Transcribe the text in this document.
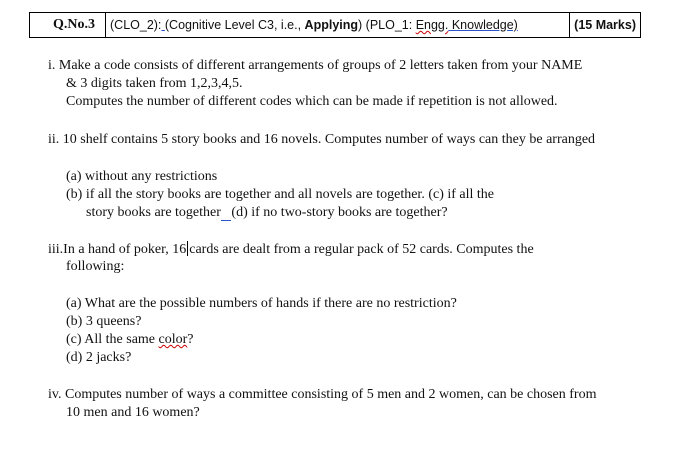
Q.No.3 (CLO_2): (Cognitive Level C3, i.e., Applying) (PLO_1: Engg. Knowledge)	(15 Marks)
i. Make a code consists of different arrangements of groups of 2 letters taken from your NAME
& 3 digits taken from 1,2,3,4,5.
Computes the number of different codes which can be made if repetition is not allowed.
ii. 10 shelf contains 5 story books and 16 novels. Computes number of ways can they be arranged
(a) without any restrictions
(b) if all the story books are together and all novels are together. (c) if all the
story books are together (d) if no two-story books are together?
iii.In a hand of poker, 16 cards are dealt from a regular pack of 52 cards. Computes the
following:
(a) What are the possible numbers of hands if there are no restriction?
(b) 3 queens?
(c) All the same color?
(d) 2 jacks?
iv. Computes number of ways a committee consisting of 5 men and 2 women, can be chosen from
10 men and 16 women?
